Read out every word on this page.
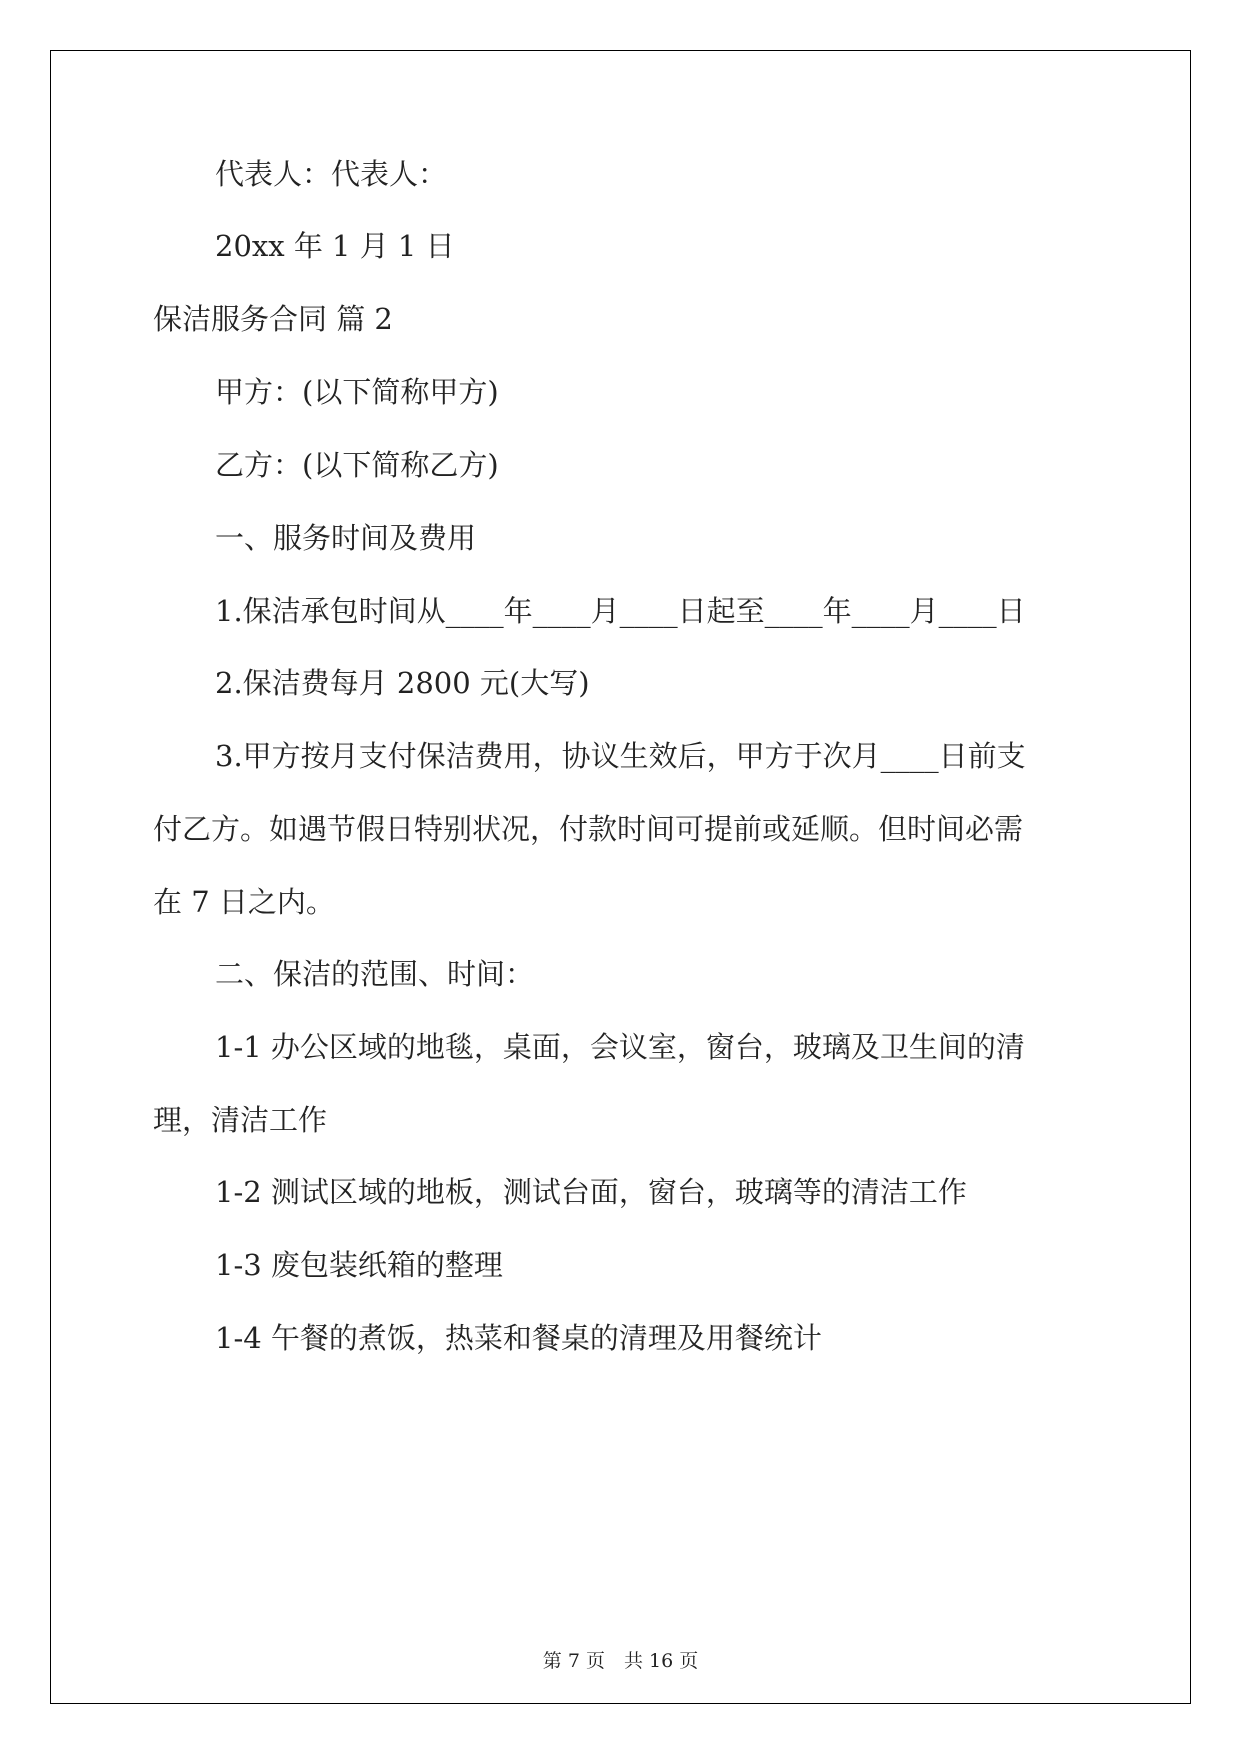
代表人：代表人：
20xx 年 1 月 1 日
保洁服务合同 篇 2
甲方：(以下简称甲方)
乙方：(以下简称乙方)
一、服务时间及费用
1.保洁承包时间从____年____月____日起至____年____月____日
2.保洁费每月 2800 元(大写)
3.甲方按月支付保洁费用，协议生效后，甲方于次月____日前支
付乙方。如遇节假日特别状况，付款时间可提前或延顺。但时间必需
在 7 日之内。
二、保洁的范围、时间：
1-1 办公区域的地毯，桌面，会议室，窗台，玻璃及卫生间的清
理，清洁工作
1-2 测试区域的地板，测试台面，窗台，玻璃等的清洁工作
1-3 废包装纸箱的整理
1-4 午餐的煮饭，热菜和餐桌的清理及用餐统计
第 7 页　共 16 页
